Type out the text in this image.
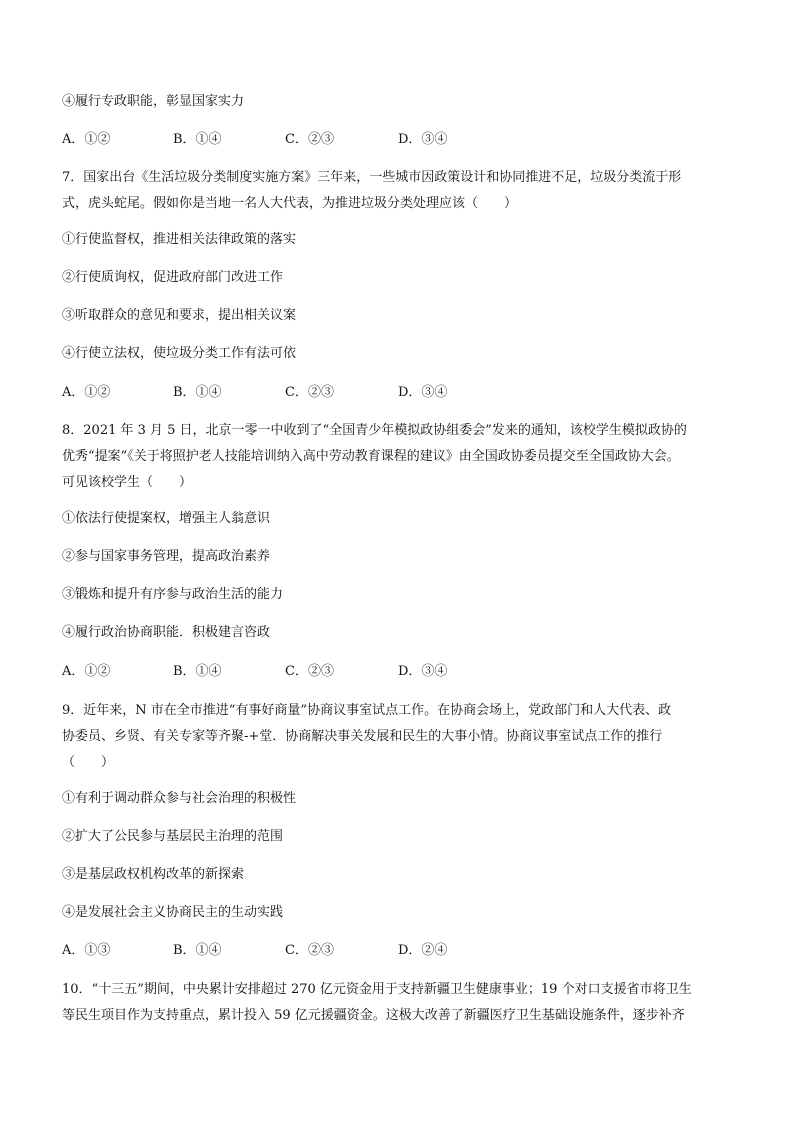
④履行专政职能，彰显国家实力
A．①②	B．①④	C．②③	D．③④
7．国家出台《生活垃圾分类制度实施方案》三年来，一些城市因政策设计和协同推进不足，垃圾分类流于形
式，虎头蛇尾。假如你是当地一名人大代表，为推进垃圾分类处理应该（　　）
①行使监督权，推进相关法律政策的落实
②行使质询权，促进政府部门改进工作
③听取群众的意见和要求，提出相关议案
④行使立法权，使垃圾分类工作有法可依
A．①②	B．①④	C．②③	D．③④
8．2021 年 3 月 5 日，北京一零一中收到了“全国青少年模拟政协组委会”发来的通知，该校学生模拟政协的
优秀“提案”《关于将照护老人技能培训纳入高中劳动教育课程的建议》由全国政协委员提交至全国政协大会。
可见该校学生（　　）
①依法行使提案权，增强主人翁意识
②参与国家事务管理，提高政治素养
③锻炼和提升有序参与政治生活的能力
④履行政治协商职能．积极建言咨政
A．①②	B．①④	C．②③	D．③④
9．近年来，N 市在全市推进“有事好商量”协商议事室试点工作。在协商会场上，党政部门和人大代表、政
协委员、乡贤、有关专家等齐聚-+堂．协商解决事关发展和民生的大事小情。协商议事室试点工作的推行
（　　）
①有利于调动群众参与社会治理的积极性
②扩大了公民参与基层民主治理的范围
③是基层政权机构改革的新探索
④是发展社会主义协商民主的生动实践
A．①③	B．①④	C．②③	D．②④
10．“十三五”期间，中央累计安排超过 270 亿元资金用于支持新疆卫生健康事业；19 个对口支援省市将卫生
等民生项目作为支持重点，累计投入 59 亿元援疆资金。这极大改善了新疆医疗卫生基础设施条件，逐步补齐
